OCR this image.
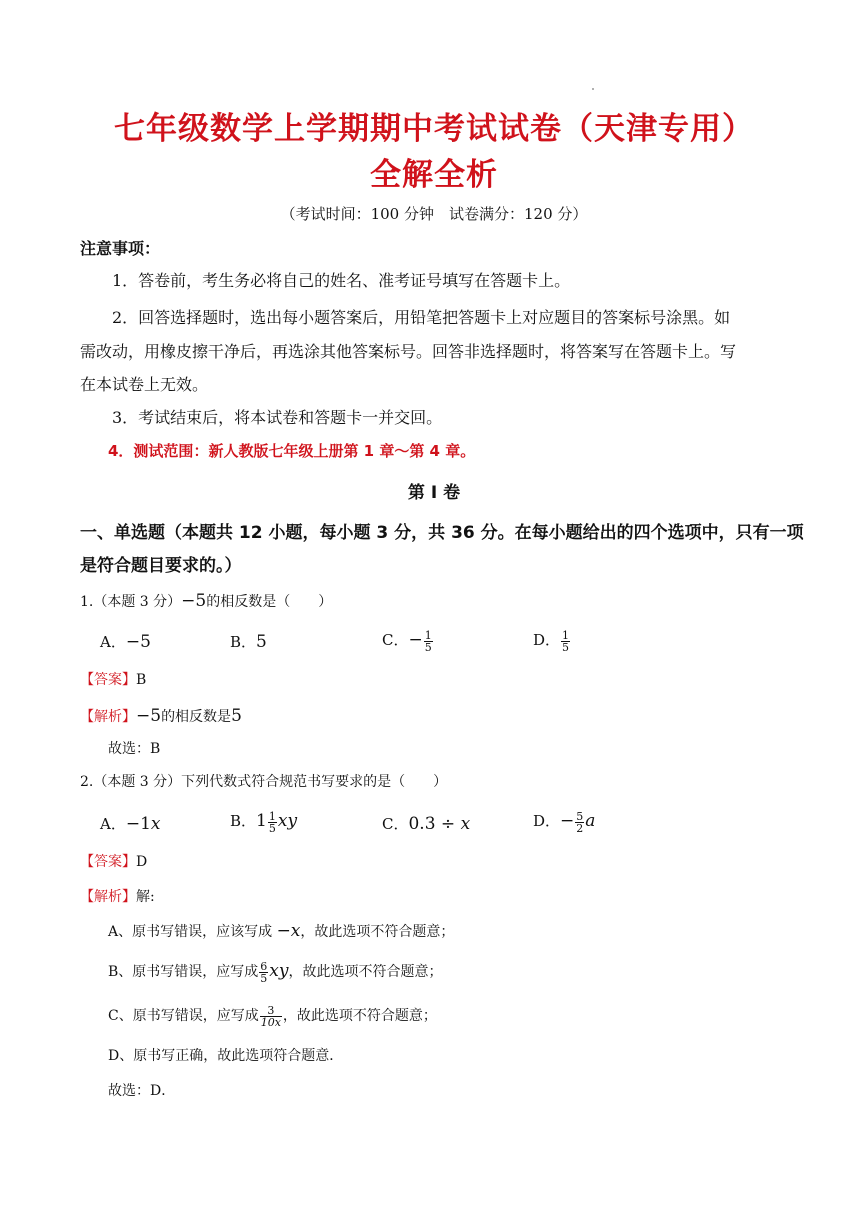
七年级数学上学期期中考试试卷（天津专用）
全解全析
（考试时间：100 分钟　试卷满分：120 分）
注意事项：
1．答卷前，考生务必将自己的姓名、准考证号填写在答题卡上。
2．回答选择题时，选出每小题答案后，用铅笔把答题卡上对应题目的答案标号涂黑。如
需改动，用橡皮擦干净后，再选涂其他答案标号。回答非选择题时，将答案写在答题卡上。写
在本试卷上无效。
3．考试结束后，将本试卷和答题卡一并交回。
4．测试范围：新人教版七年级上册第 1 章～第 4 章。
第 I 卷
一、单选题（本题共 12 小题，每小题 3 分，共 36 分。在每小题给出的四个选项中，只有一项
是符合题目要求的。）
1.（本题 3 分）−5的相反数是（　　）
A．−5	B．5	C．− $\frac{1}{5}$	D． $\frac{1}{5}$
【答案】B
【解析】−5的相反数是5
故选：B
2.（本题 3 分）下列代数式符合规范书写要求的是（　　）
A．−1x	B．$1 \frac{1}{5}$ xy	C．0.3 ÷ x	D．− $\frac{5}{2}$ a
【答案】D
【解析】解:
A、原书写错误，应该写成 −x，故此选项不符合题意；
B、原书写错误，应写成 $\frac{6}{5}$ xy，故此选项不符合题意；
C、原书写错误，应写成 $\frac{3}{10x}$ ，故此选项不符合题意；
D、原书写正确，故此选项符合题意．
故选：D．
